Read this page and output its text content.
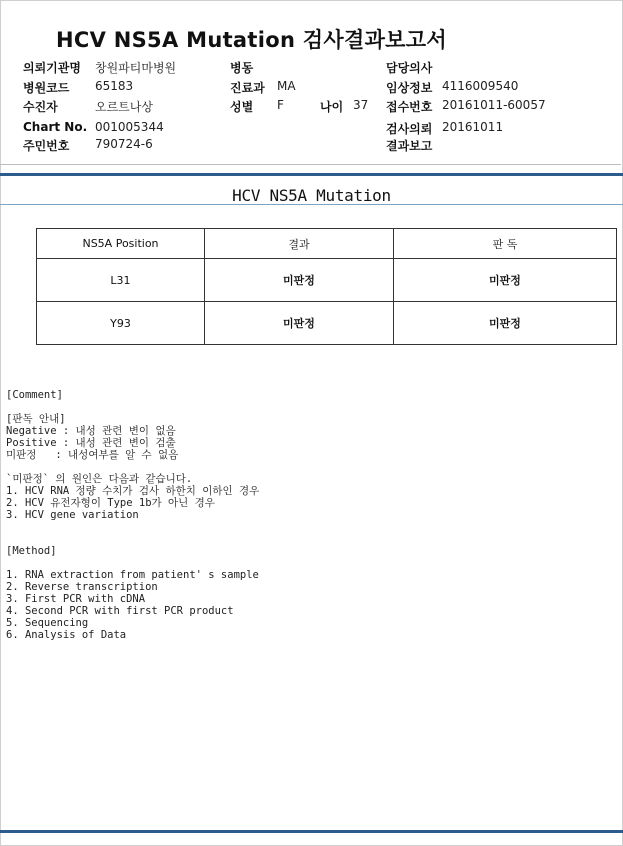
HCV NS5A Mutation 검사결과보고서
의뢰기관명 창원파티마병원	병동	담당의사
병원코드 65183	진료과 MA	임상정보 4116009540
수진자	오르트나상	성별 F	나이 37 접수번호 20161011-60057
Chart No. 001005344	검사의뢰 20161011
주민번호 790724-6	결과보고
HCV NS5A Mutation
NS5A Position	결과	판 독
L31	미판정	미판정
Y93	미판정	미판정
[Comment]
[판독 안내]
Negative : 내성 관련 변이 없음
Positive : 내성 관련 변이 검출
미판정   : 내성여부를 알 수 없음
`미판정` 의 원인은 다음과 같습니다.
1. HCV RNA 정량 수치가 검사 하한치 이하인 경우
2. HCV 유전자형이 Type 1b가 아닌 경우
3. HCV gene variation
[Method]
1. RNA extraction from patient' s sample
2. Reverse transcription
3. First PCR with cDNA
4. Second PCR with first PCR product
5. Sequencing
6. Analysis of Data
